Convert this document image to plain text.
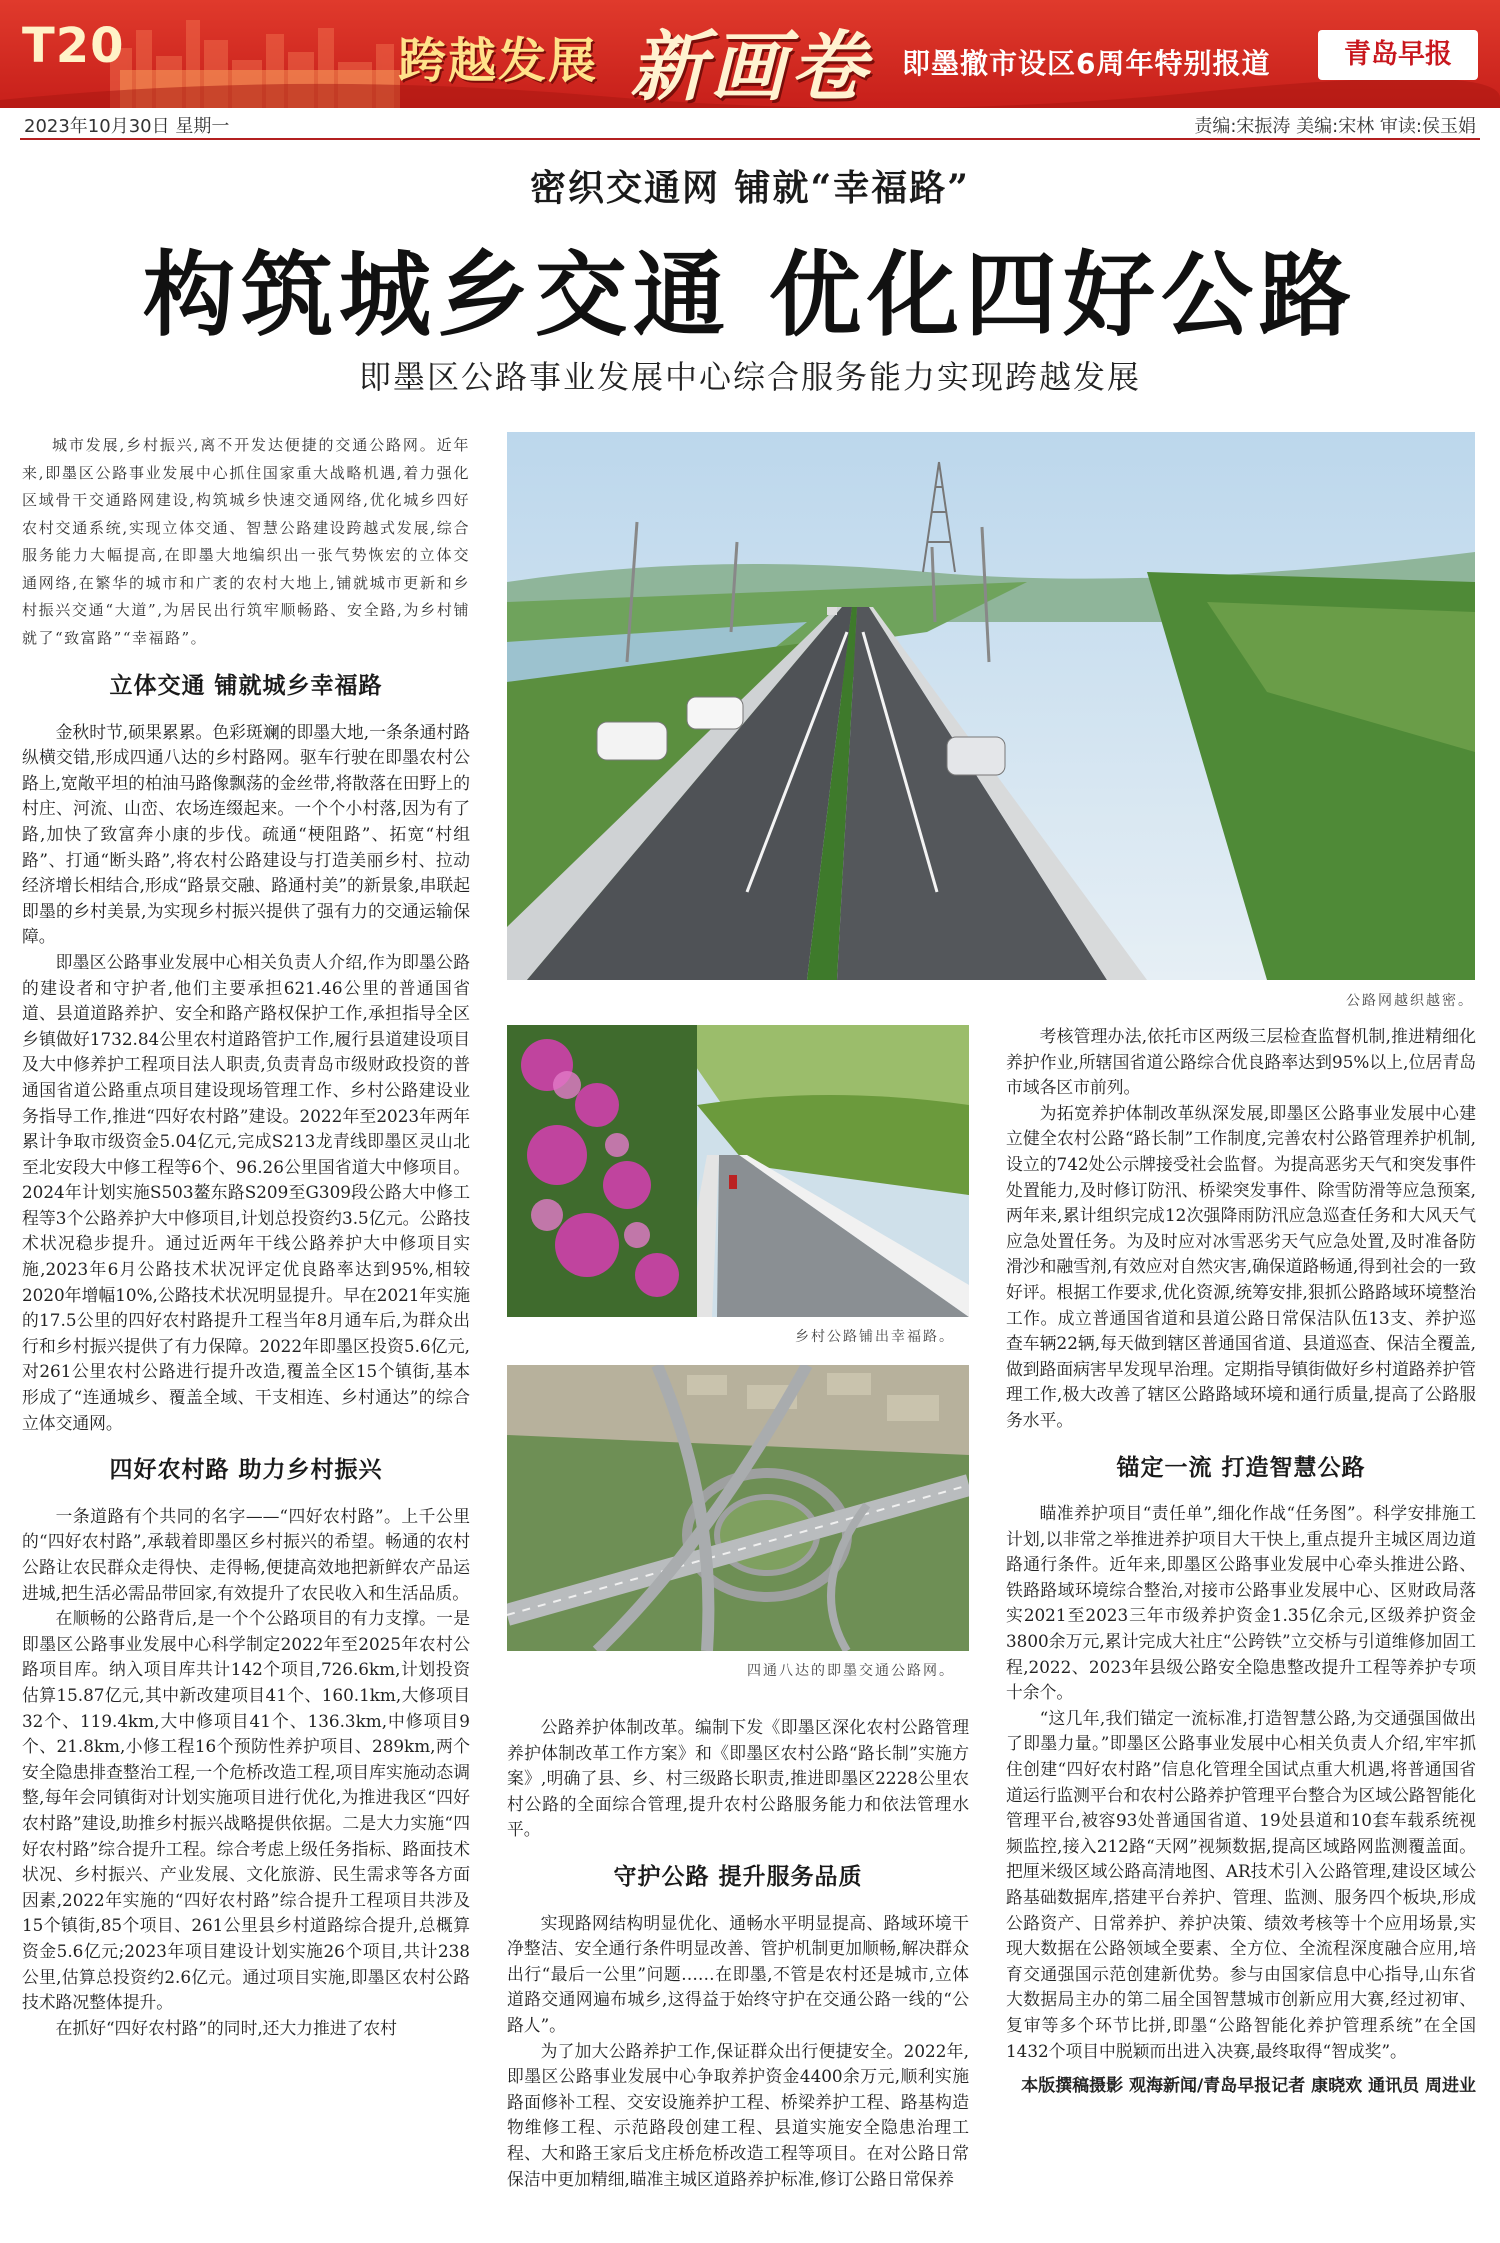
T20	跨越发展 新画卷 即墨撤市设区6周年特别报道	青岛早报
2023年10月30日 星期一	责编:宋振涛 美编:宋林 审读:侯玉娟
密织交通网 铺就“幸福路”
构筑城乡交通 优化四好公路
即墨区公路事业发展中心综合服务能力实现跨越发展

城市发展,乡村振兴,离不开发达便捷的交通公路网。近年来,即墨区公路事业发展中心抓住国家重大战略机遇,着力强化区域骨干交通路网建设,构筑城乡快速交通网络,优化城乡四好农村交通系统,实现立体交通、智慧公路建设跨越式发展,综合服务能力大幅提高,在即墨大地编织出一张气势恢宏的立体交通网络,在繁华的城市和广袤的农村大地上,铺就城市更新和乡村振兴交通“大道”,为居民出行筑牢顺畅路、安全路,为乡村铺就了“致富路”“幸福路”。

立体交通 铺就城乡幸福路

金秋时节,硕果累累。色彩斑斓的即墨大地,一条条通村路纵横交错,形成四通八达的乡村路网。驱车行驶在即墨农村公路上,宽敞平坦的柏油马路像飘荡的金丝带,将散落在田野上的村庄、河流、山峦、农场连缀起来。一个个小村落,因为有了路,加快了致富奔小康的步伐。疏通“梗阻路”、拓宽“村组路”、打通“断头路”,将农村公路建设与打造美丽乡村、拉动经济增长相结合,形成“路景交融、路通村美”的新景象,串联起即墨的乡村美景,为实现乡村振兴提供了强有力的交通运输保障。

即墨区公路事业发展中心相关负责人介绍,作为即墨公路的建设者和守护者,他们主要承担621.46公里的普通国省道、县道道路养护、安全和路产路权保护工作,承担指导全区乡镇做好1732.84公里农村道路管护工作,履行县道建设项目及大中修养护工程项目法人职责,负责青岛市级财政投资的普通国省道公路重点项目建设现场管理工作、乡村公路建设业务指导工作,推进“四好农村路”建设。2022年至2023年两年累计争取市级资金5.04亿元,完成S213龙青线即墨区灵山北至北安段大中修工程等6个、96.26公里国省道大中修项目。2024年计划实施S503鳌东路S209至G309段公路大中修工程等3个公路养护大中修项目,计划总投资约3.5亿元。公路技术状况稳步提升。通过近两年干线公路养护大中修项目实施,2023年6月公路技术状况评定优良路率达到95%,相较2020年增幅10%,公路技术状况明显提升。早在2021年实施的17.5公里的四好农村路提升工程当年8月通车后,为群众出行和乡村振兴提供了有力保障。2022年即墨区投资5.6亿元,对261公里农村公路进行提升改造,覆盖全区15个镇街,基本形成了“连通城乡、覆盖全域、干支相连、乡村通达”的综合立体交通网。

四好农村路 助力乡村振兴

一条道路有个共同的名字——“四好农村路”。上千公里的“四好农村路”,承载着即墨区乡村振兴的希望。畅通的农村公路让农民群众走得快、走得畅,便捷高效地把新鲜农产品运进城,把生活必需品带回家,有效提升了农民收入和生活品质。

在顺畅的公路背后,是一个个公路项目的有力支撑。一是即墨区公路事业发展中心科学制定2022年至2025年农村公路项目库。纳入项目库共计142个项目,726.6km,计划投资估算15.87亿元,其中新改建项目41个、160.1km,大修项目32个、119.4km,大中修项目41个、136.3km,中修项目9个、21.8km,小修工程16个预防性养护项目、289km,两个安全隐患排查整治工程,一个危桥改造工程,项目库实施动态调整,每年会同镇街对计划实施项目进行优化,为推进我区“四好农村路”建设,助推乡村振兴战略提供依据。二是大力实施“四好农村路”综合提升工程。综合考虑上级任务指标、路面技术状况、乡村振兴、产业发展、文化旅游、民生需求等各方面因素,2022年实施的“四好农村路”综合提升工程项目共涉及15个镇街,85个项目、261公里县乡村道路综合提升,总概算资金5.6亿元;2023年项目建设计划实施26个项目,共计238公里,估算总投资约2.6亿元。通过项目实施,即墨区农村公路技术路况整体提升。

在抓好“四好农村路”的同时,还大力推进了农村

公路网越织越密。
乡村公路铺出幸福路。
四通八达的即墨交通公路网。

公路养护体制改革。编制下发《即墨区深化农村公路管理养护体制改革工作方案》和《即墨区农村公路“路长制”实施方案》,明确了县、乡、村三级路长职责,推进即墨区2228公里农村公路的全面综合管理,提升农村公路服务能力和依法管理水平。

守护公路 提升服务品质

实现路网结构明显优化、通畅水平明显提高、路域环境干净整洁、安全通行条件明显改善、管护机制更加顺畅,解决群众出行“最后一公里”问题……在即墨,不管是农村还是城市,立体道路交通网遍布城乡,这得益于始终守护在交通公路一线的“公路人”。

为了加大公路养护工作,保证群众出行便捷安全。2022年,即墨区公路事业发展中心争取养护资金4400余万元,顺利实施路面修补工程、交安设施养护工程、桥梁养护工程、路基构造物维修工程、示范路段创建工程、县道实施安全隐患治理工程、大和路王家后戈庄桥危桥改造工程等项目。在对公路日常保洁中更加精细,瞄准主城区道路养护标准,修订公路日常保养

考核管理办法,依托市区两级三层检查监督机制,推进精细化养护作业,所辖国省道公路综合优良路率达到95%以上,位居青岛市域各区市前列。

为拓宽养护体制改革纵深发展,即墨区公路事业发展中心建立健全农村公路“路长制”工作制度,完善农村公路管理养护机制,设立的742处公示牌接受社会监督。为提高恶劣天气和突发事件处置能力,及时修订防汛、桥梁突发事件、除雪防滑等应急预案,两年来,累计组织完成12次强降雨防汛应急巡查任务和大风天气应急处置任务。为及时应对冰雪恶劣天气应急处置,及时准备防滑沙和融雪剂,有效应对自然灾害,确保道路畅通,得到社会的一致好评。根据工作要求,优化资源,统筹安排,狠抓公路路域环境整治工作。成立普通国省道和县道公路日常保洁队伍13支、养护巡查车辆22辆,每天做到辖区普通国省道、县道巡查、保洁全覆盖,做到路面病害早发现早治理。定期指导镇街做好乡村道路养护管理工作,极大改善了辖区公路路域环境和通行质量,提高了公路服务水平。

锚定一流 打造智慧公路

瞄准养护项目“责任单”,细化作战“任务图”。科学安排施工计划,以非常之举推进养护项目大干快上,重点提升主城区周边道路通行条件。近年来,即墨区公路事业发展中心牵头推进公路、铁路路域环境综合整治,对接市公路事业发展中心、区财政局落实2021至2023三年市级养护资金1.35亿余元,区级养护资金3800余万元,累计完成大社庄“公跨铁”立交桥与引道维修加固工程,2022、2023年县级公路安全隐患整改提升工程等养护专项十余个。

“这几年,我们锚定一流标准,打造智慧公路,为交通强国做出了即墨力量。”即墨区公路事业发展中心相关负责人介绍,牢牢抓住创建“四好农村路”信息化管理全国试点重大机遇,将普通国省道运行监测平台和农村公路养护管理平台整合为区域公路智能化管理平台,被容93处普通国省道、19处县道和10套车载系统视频监控,接入212路“天网”视频数据,提高区域路网监测覆盖面。把厘米级区域公路高清地图、AR技术引入公路管理,建设区域公路基础数据库,搭建平台养护、管理、监测、服务四个板块,形成公路资产、日常养护、养护决策、绩效考核等十个应用场景,实现大数据在公路领域全要素、全方位、全流程深度融合应用,培育交通强国示范创建新优势。参与由国家信息中心指导,山东省大数据局主办的第二届全国智慧城市创新应用大赛,经过初审、复审等多个环节比拼,即墨“公路智能化养护管理系统”在全国1432个项目中脱颖而出进入决赛,最终取得“智成奖”。

本版撰稿摄影 观海新闻/青岛早报记者 康晓欢 通讯员 周进业
